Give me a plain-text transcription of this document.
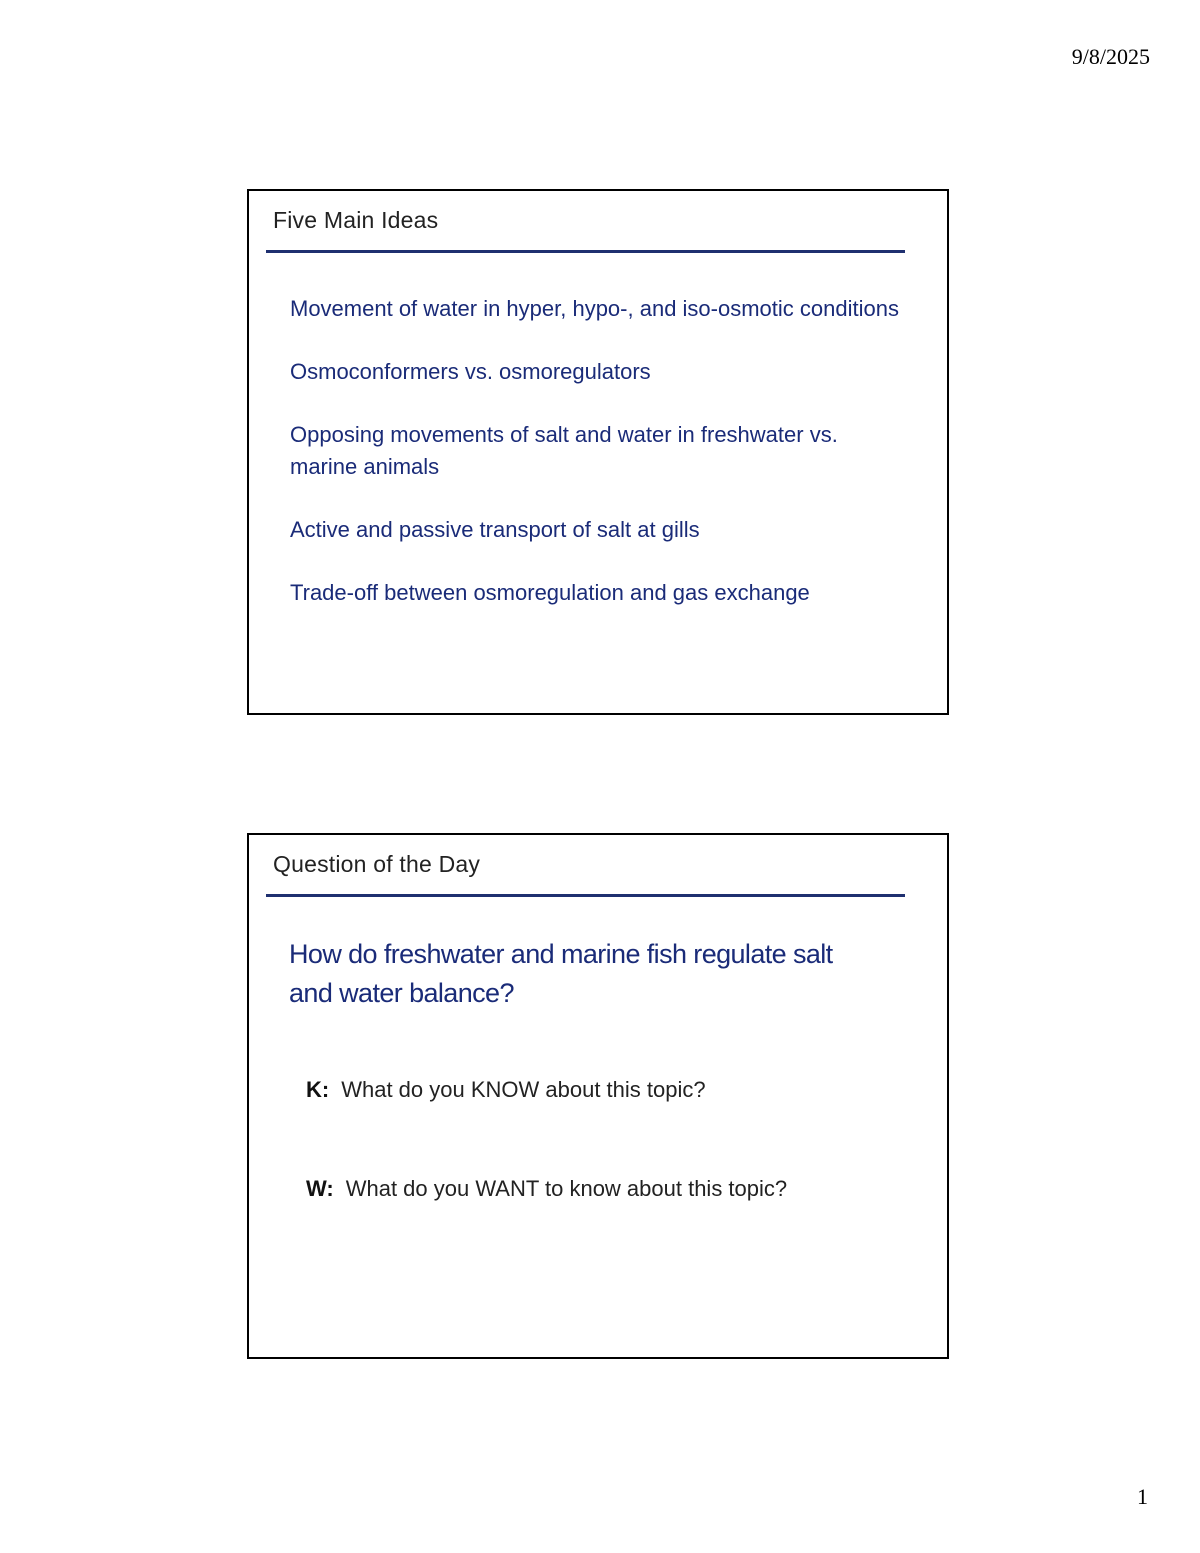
9/8/2025
Five Main Ideas
Movement of water in hyper, hypo-, and iso-osmotic conditions
Osmoconformers vs. osmoregulators
Opposing movements of salt and water in freshwater vs. marine animals
Active and passive transport of salt at gills
Trade-off between osmoregulation and gas exchange
Question of the Day
How do freshwater and marine fish regulate salt and water balance?
K: What do you KNOW about this topic?
W: What do you WANT to know about this topic?
1
